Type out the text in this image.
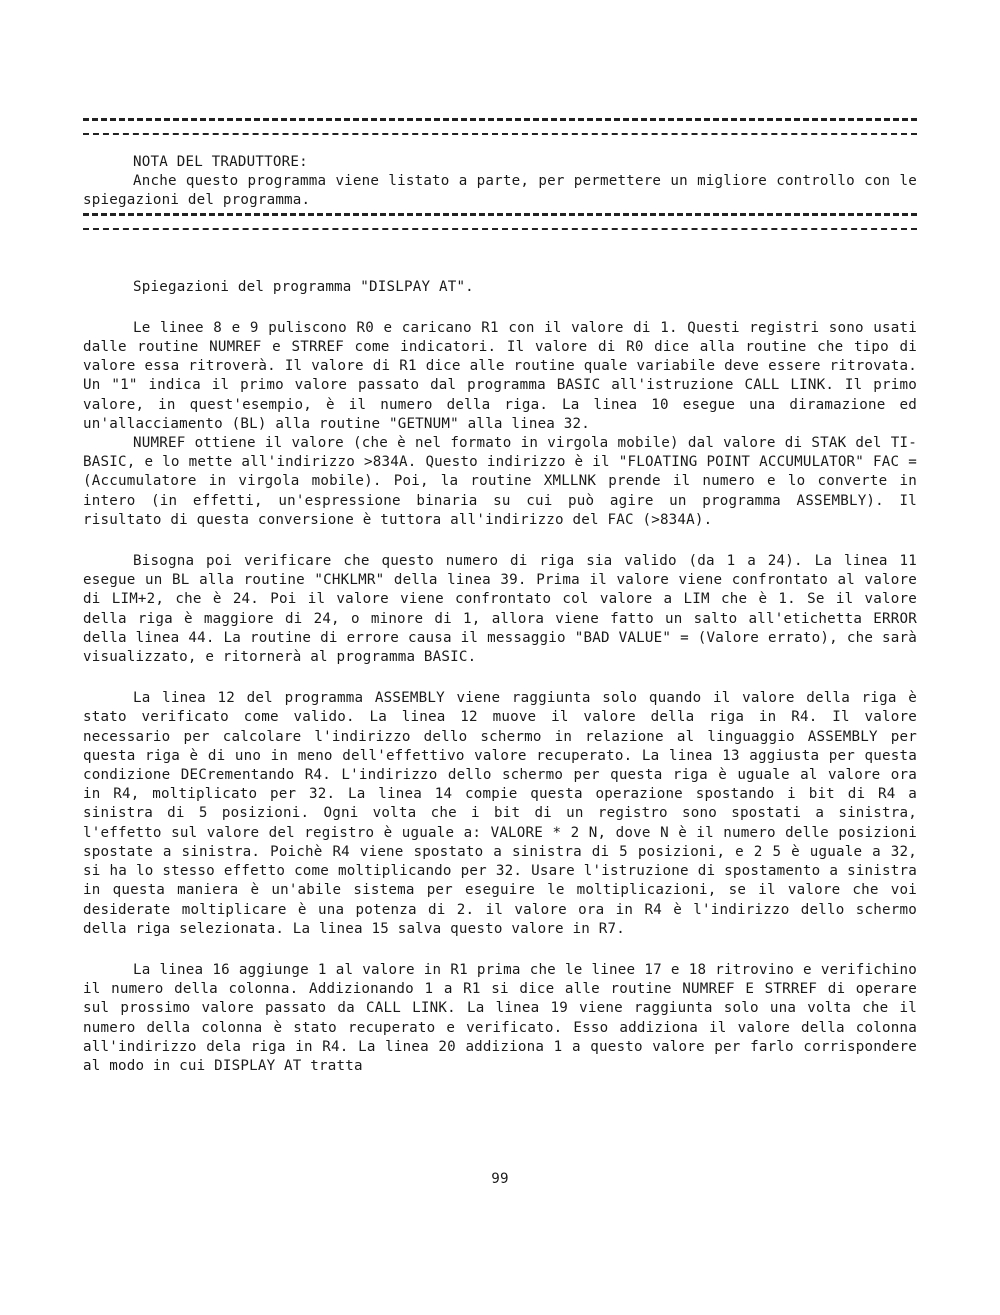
NOTA DEL TRADUTTORE:

Anche questo programma viene listato a parte, per permettere un migliore controllo con le spiegazioni del programma.

Spiegazioni del programma "DISLPAY AT".

Le linee 8 e 9 puliscono R0 e caricano R1 con il valore di 1. Questi registri sono usati dalle routine NUMREF e STRREF come indicatori. Il valore di R0 dice alla routine che tipo di valore essa ritroverà. Il valore di R1 dice alle routine quale variabile deve essere ritrovata. Un "1" indica il primo valore passato dal programma BASIC all'istruzione CALL LINK. Il primo valore, in quest'esempio, è il numero della riga. La linea 10 esegue una diramazione ed un'allacciamento (BL) alla routine "GETNUM" alla linea 32.

NUMREF ottiene il valore (che è nel formato in virgola mobile) dal valore di STAK del TI-BASIC, e lo mette all'indirizzo >834A. Questo indirizzo è il "FLOATING POINT ACCUMULATOR" FAC = (Accumulatore in virgola mobile). Poi, la routine XMLLNK prende il numero e lo converte in intero (in effetti, un'espressione binaria su cui può agire un programma ASSEMBLY). Il risultato di questa conversione è tuttora all'indirizzo del FAC (>834A).

Bisogna poi verificare che questo numero di riga sia valido (da 1 a 24). La linea 11 esegue un BL alla routine "CHKLMR" della linea 39. Prima il valore viene confrontato al valore di LIM+2, che è 24. Poi il valore viene confrontato col valore a LIM che è 1. Se il valore della riga è maggiore di 24, o minore di 1, allora viene fatto un salto all'etichetta ERROR della linea 44. La routine di errore causa il messaggio "BAD VALUE" = (Valore errato), che sarà visualizzato, e ritornerà al programma BASIC.

La linea 12 del programma ASSEMBLY viene raggiunta solo quando il valore della riga è stato verificato come valido. La linea 12 muove il valore della riga in R4. Il valore necessario per calcolare l'indirizzo dello schermo in relazione al linguaggio ASSEMBLY per questa riga è di uno in meno dell'effettivo valore recuperato. La linea 13 aggiusta per questa condizione DECrementando R4. L'indirizzo dello schermo per questa riga è uguale al valore ora in R4, moltiplicato per 32. La linea 14 compie questa operazione spostando i bit di R4 a sinistra di 5 posizioni. Ogni volta che i bit di un registro sono spostati a sinistra, l'effetto sul valore del registro è uguale a: VALORE * 2 N, dove N è il numero delle posizioni spostate a sinistra. Poichè R4 viene spostato a sinistra di 5 posizioni, e 2 5 è uguale a 32, si ha lo stesso effetto come moltiplicando per 32. Usare l'istruzione di spostamento a sinistra in questa maniera è un'abile sistema per eseguire le moltiplicazioni, se il valore che voi desiderate moltiplicare è una potenza di 2. il valore ora in R4 è l'indirizzo dello schermo della riga selezionata. La linea 15 salva questo valore in R7.

La linea 16 aggiunge 1 al valore in R1 prima che le linee 17 e 18 ritrovino e verifichino il numero della colonna. Addizionando 1 a R1 si dice alle routine NUMREF E STRREF di operare sul prossimo valore passato da CALL LINK. La linea 19 viene raggiunta solo una volta che il numero della colonna è stato recuperato e verificato. Esso addiziona il valore della colonna all'indirizzo dela riga in R4. La linea 20 addiziona 1 a questo valore per farlo corrispondere al modo in cui DISPLAY AT tratta

99
